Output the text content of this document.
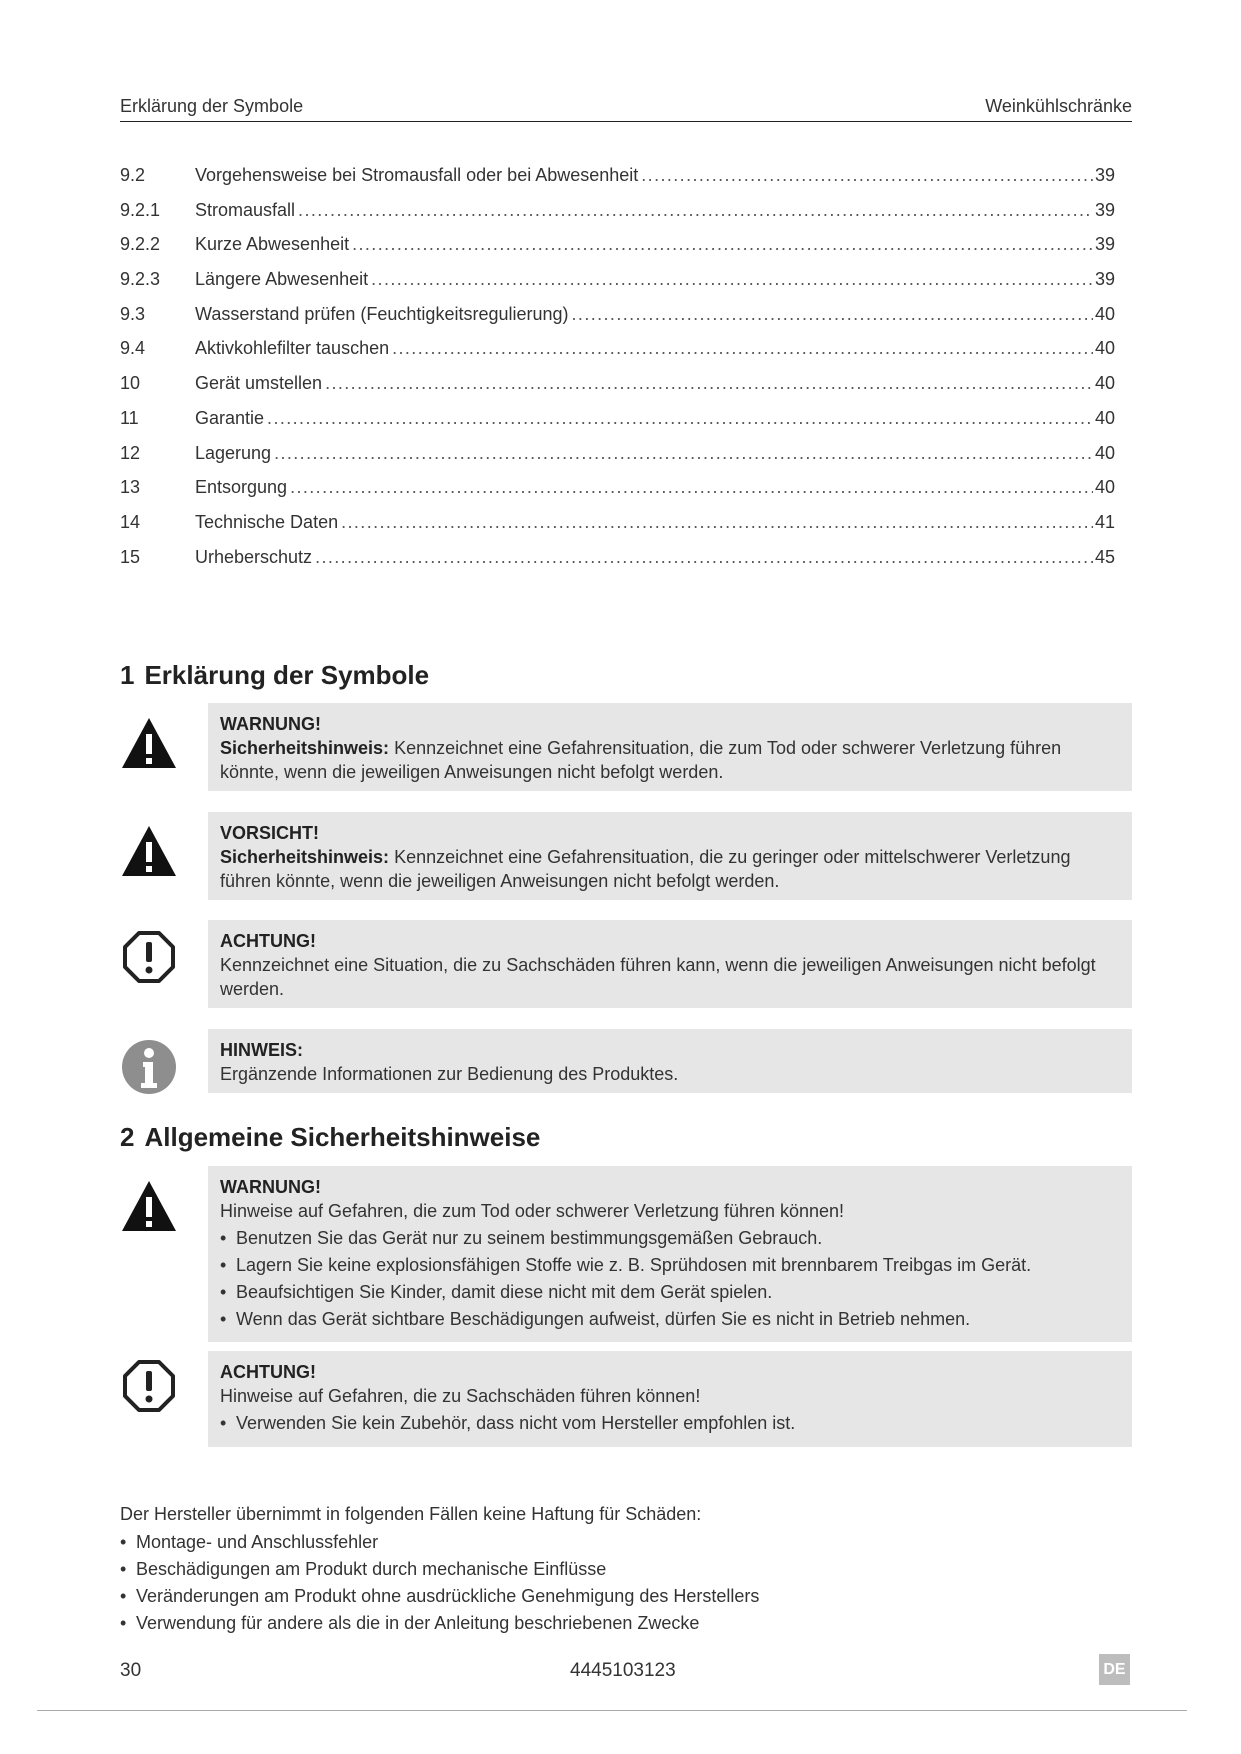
Erklärung der Symbole	Weinkühlschränke
9.2	Vorgehensweise bei Stromausfall oder bei Abwesenheit .....	39
9.2.1	Stromausfall .....	39
9.2.2	Kurze Abwesenheit .....	39
9.2.3	Längere Abwesenheit .....	39
9.3	Wasserstand prüfen (Feuchtigkeitsregulierung) .....	40
9.4	Aktivkohlefilter tauschen .....	40
10	Gerät umstellen .....	40
11	Garantie .....	40
12	Lagerung .....	40
13	Entsorgung .....	40
14	Technische Daten .....	41
15	Urheberschutz .....	45
1 Erklärung der Symbole
WARNUNG!
Sicherheitshinweis: Kennzeichnet eine Gefahrensituation, die zum Tod oder schwerer Verletzung führen könnte, wenn die jeweiligen Anweisungen nicht befolgt werden.
VORSICHT!
Sicherheitshinweis: Kennzeichnet eine Gefahrensituation, die zu geringer oder mittelschwerer Verletzung führen könnte, wenn die jeweiligen Anweisungen nicht befolgt werden.
ACHTUNG!
Kennzeichnet eine Situation, die zu Sachschäden führen kann, wenn die jeweiligen Anweisungen nicht befolgt werden.
HINWEIS:
Ergänzende Informationen zur Bedienung des Produktes.
2 Allgemeine Sicherheitshinweise
WARNUNG!
Hinweise auf Gefahren, die zum Tod oder schwerer Verletzung führen können!
• Benutzen Sie das Gerät nur zu seinem bestimmungsgemäßen Gebrauch.
• Lagern Sie keine explosionsfähigen Stoffe wie z. B. Sprühdosen mit brennbarem Treibgas im Gerät.
• Beaufsichtigen Sie Kinder, damit diese nicht mit dem Gerät spielen.
• Wenn das Gerät sichtbare Beschädigungen aufweist, dürfen Sie es nicht in Betrieb nehmen.
ACHTUNG!
Hinweise auf Gefahren, die zu Sachschäden führen können!
• Verwenden Sie kein Zubehör, dass nicht vom Hersteller empfohlen ist.

Der Hersteller übernimmt in folgenden Fällen keine Haftung für Schäden:

• Montage- und Anschlussfehler
• Beschädigungen am Produkt durch mechanische Einflüsse
• Veränderungen am Produkt ohne ausdrückliche Genehmigung des Herstellers
• Verwendung für andere als die in der Anleitung beschriebenen Zwecke
30	4445103123	DE
